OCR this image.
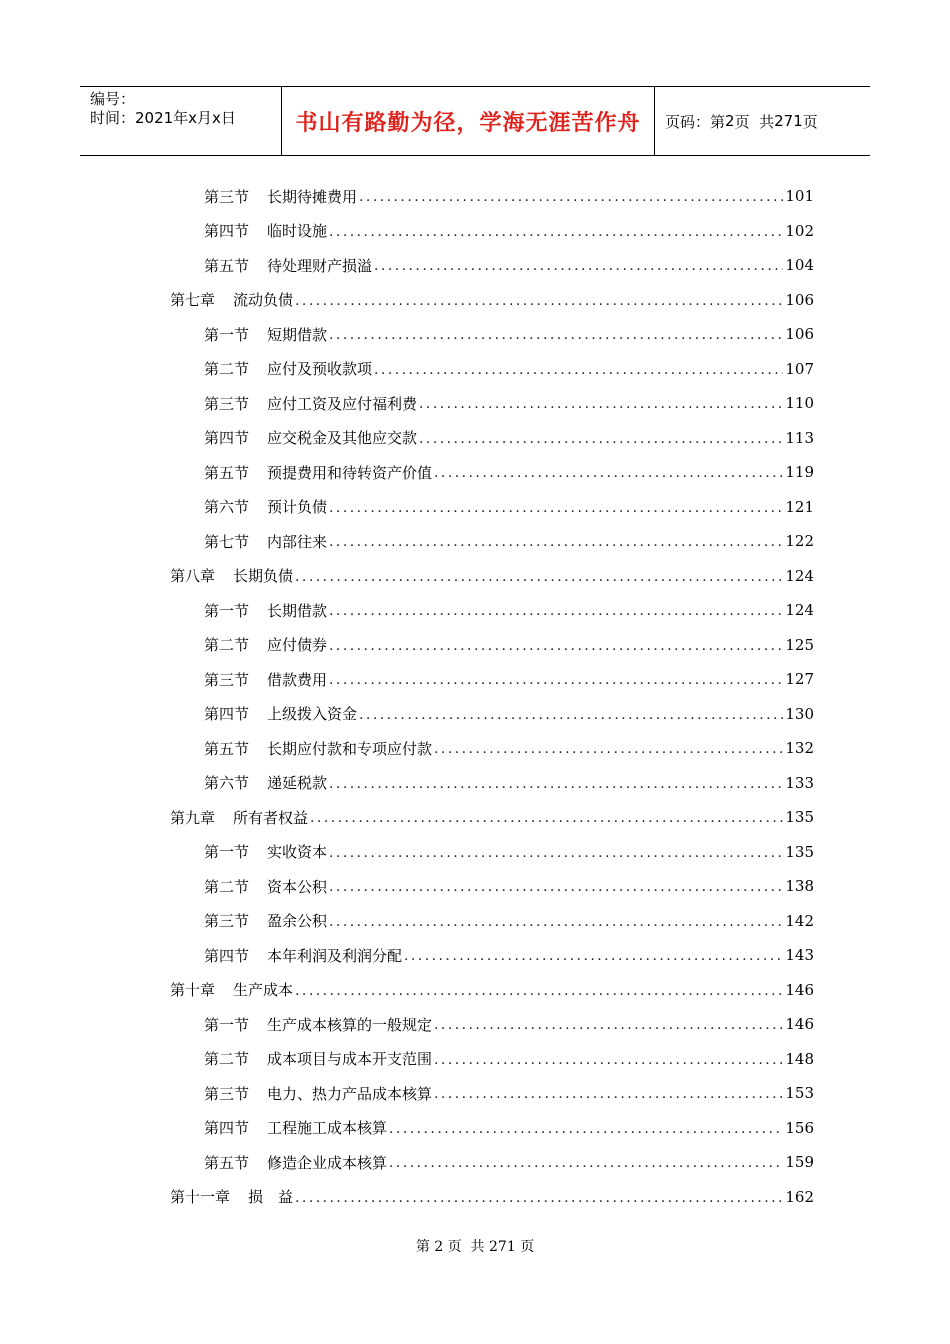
编号：
时间：2021年x月x日	书山有路勤为径，学海无涯苦作舟	页码：第 2 页  共 271 页
第三节 长期待摊费用 . . .	101
第四节 临时设施 . . .	102
第五节 待处理财产损溢 . . .	104
第七章 流动负债 . . .	106
第一节 短期借款 . . .	106
第二节 应付及预收款项 . . .	107
第三节 应付工资及应付福利费 . . .	110
第四节 应交税金及其他应交款 . . .	113
第五节 预提费用和待转资产价值 . . .	119
第六节 预计负债 . . .	121
第七节 内部往来 . . .	122
第八章 长期负债 . . .	124
第一节 长期借款 . . .	124
第二节 应付债券 . . .	125
第三节 借款费用 . . .	127
第四节 上级拨入资金 . . .	130
第五节 长期应付款和专项应付款 . . .	132
第六节 递延税款 . . .	133
第九章 所有者权益 . . .	135
第一节 实收资本 . . .	135
第二节 资本公积 . . .	138
第三节 盈余公积 . . .	142
第四节 本年利润及利润分配 . . .	143
第十章 生产成本 . . .	146
第一节 生产成本核算的一般规定 . . .	146
第二节 成本项目与成本开支范围 . . .	148
第三节 电力、热力产品成本核算 . . .	153
第四节 工程施工成本核算 . . .	156
第五节 修造企业成本核算 . . .	159
第十一章 损　益 . . .	162
第 2 页  共 271 页
